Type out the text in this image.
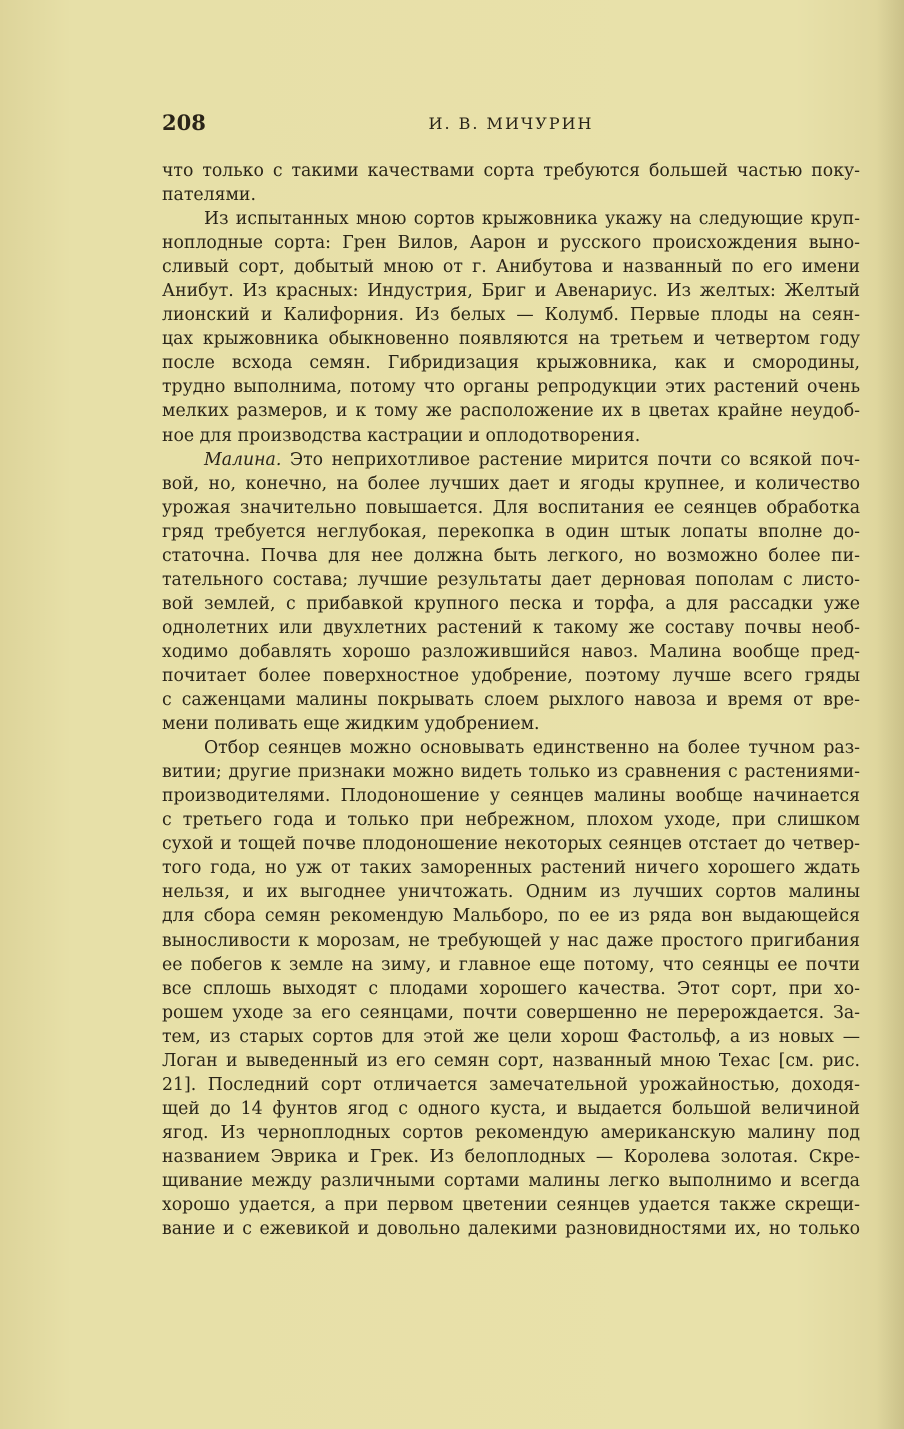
208	И. В. МИЧУРИН
что только с такими качествами сорта требуются большей частью поку-
пателями.
Из испытанных мною сортов крыжовника укажу на следующие круп-
ноплодные сорта: Грен Вилов, Аарон и русского происхождения выно-
сливый сорт, добытый мною от г. Анибутова и названный по его имени
Анибут. Из красных: Индустрия, Бриг и Авенариус. Из желтых: Желтый
лионский и Калифорния. Из белых — Колумб. Первые плоды на сеян-
цах крыжовника обыкновенно появляются на третьем и четвертом году
после всхода семян. Гибридизация крыжовника, как и смородины,
трудно выполнима, потому что органы репродукции этих растений очень
мелких размеров, и к тому же расположение их в цветах крайне неудоб-
ное для производства кастрации и оплодотворения.
Малина. Это неприхотливое растение мирится почти со всякой поч-
вой, но, конечно, на более лучших дает и ягоды крупнее, и количество
урожая значительно повышается. Для воспитания ее сеянцев обработка
гряд требуется неглубокая, перекопка в один штык лопаты вполне до-
статочна. Почва для нее должна быть легкого, но возможно более пи-
тательного состава; лучшие результаты дает дерновая пополам с листо-
вой землей, с прибавкой крупного песка и торфа, а для рассадки уже
однолетних или двухлетних растений к такому же составу почвы необ-
ходимо добавлять хорошо разложившийся навоз. Малина вообще пред-
почитает более поверхностное удобрение, поэтому лучше всего гряды
с саженцами малины покрывать слоем рыхлого навоза и время от вре-
мени поливать еще жидким удобрением.
Отбор сеянцев можно основывать единственно на более тучном раз-
витии; другие признаки можно видеть только из сравнения с растениями-
производителями. Плодоношение у сеянцев малины вообще начинается
с третьего года и только при небрежном, плохом уходе, при слишком
сухой и тощей почве плодоношение некоторых сеянцев отстает до четвер-
того года, но уж от таких заморенных растений ничего хорошего ждать
нельзя, и их выгоднее уничтожать. Одним из лучших сортов малины
для сбора семян рекомендую Мальборо, по ее из ряда вон выдающейся
выносливости к морозам, не требующей у нас даже простого пригибания
ее побегов к земле на зиму, и главное еще потому, что сеянцы ее почти
все сплошь выходят с плодами хорошего качества. Этот сорт, при хо-
рошем уходе за его сеянцами, почти совершенно не перерождается. За-
тем, из старых сортов для этой же цели хорош Фастольф, а из новых —
Логан и выведенный из его семян сорт, названный мною Техас [см. рис.
21]. Последний сорт отличается замечательной урожайностью, доходя-
щей до 14 фунтов ягод с одного куста, и выдается большой величиной
ягод. Из черноплодных сортов рекомендую американскую малину под
названием Эврика и Грек. Из белоплодных — Королева золотая. Скре-
щивание между различными сортами малины легко выполнимо и всегда
хорошо удается, а при первом цветении сеянцев удается также скрещи-
вание и с ежевикой и довольно далекими разновидностями их, но только
